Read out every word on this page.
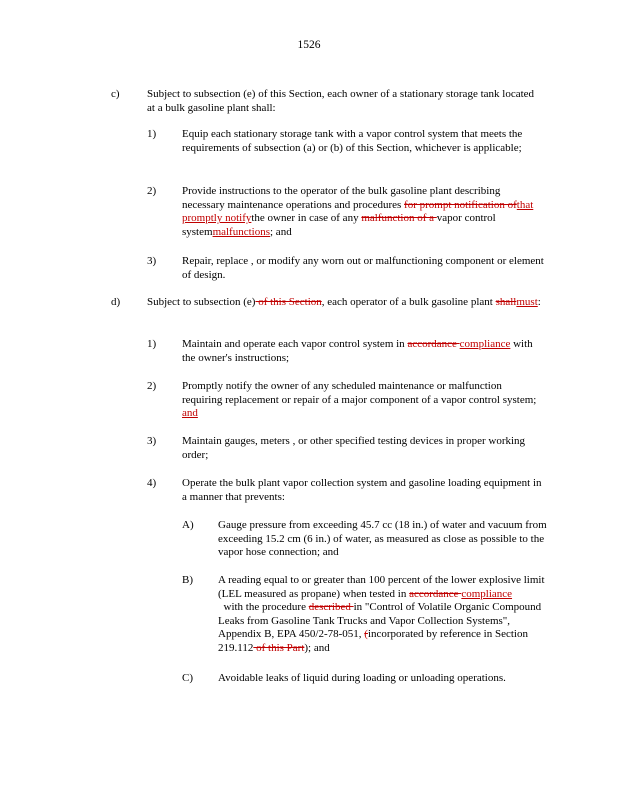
1526
c) Subject to subsection (e) of this Section, each owner of a stationary storage tank located at a bulk gasoline plant shall:
1) Equip each stationary storage tank with a vapor control system that meets the requirements of subsection (a) or (b) of this Section, whichever is applicable;
2) Provide instructions to the operator of the bulk gasoline plant describing necessary maintenance operations and procedures for prompt notification ofthat promptly notifythe owner in case of any malfunction of a vapor control systemmalfunctions; and
3) Repair, replace , or modify any worn out or malfunctioning component or element of design.
d) Subject to subsection (e) of this Section, each operator of a bulk gasoline plant shallmust:
1) Maintain and operate each vapor control system in accordance compliance with the owner's instructions;
2) Promptly notify the owner of any scheduled maintenance or malfunction requiring replacement or repair of a major component of a vapor control system; and
3) Maintain gauges, meters , or other specified testing devices in proper working order;
4) Operate the bulk plant vapor collection system and gasoline loading equipment in a manner that prevents:
A) Gauge pressure from exceeding 45.7 cc (18 in.) of water and vacuum from exceeding 15.2 cm (6 in.) of water, as measured as close as possible to the vapor hose connection; and
B) A reading equal to or greater than 100 percent of the lower explosive limit (LEL measured as propane) when tested in accordance compliance  with the procedure described in "Control of Volatile Organic Compound Leaks from Gasoline Tank Trucks and Vapor Collection Systems", Appendix B, EPA 450/2-78-051, (incorporated by reference in Section 219.112 of this Part); and
C) Avoidable leaks of liquid during loading or unloading operations.
